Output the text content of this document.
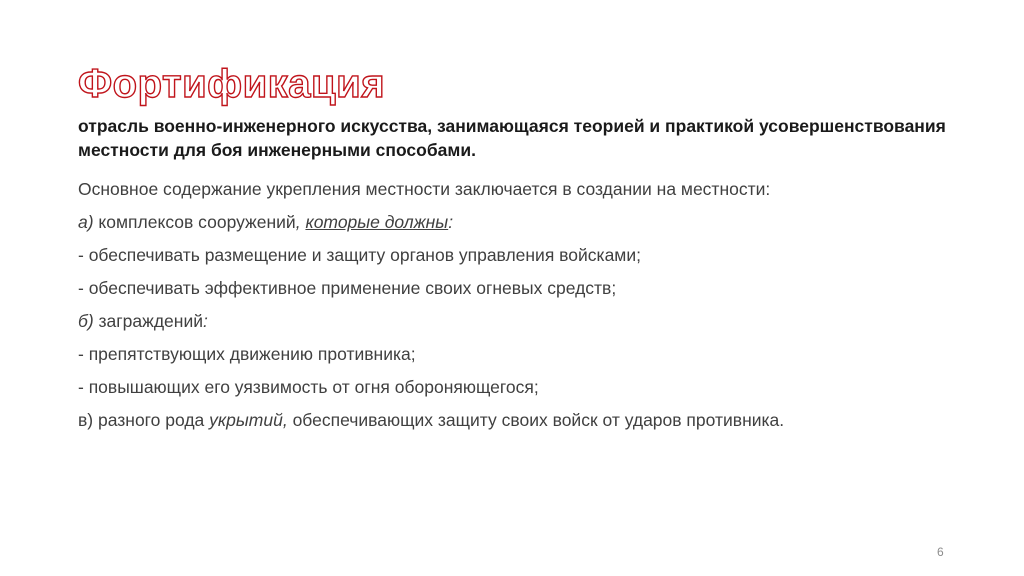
Фортификация
отрасль военно-инженерного искусства, занимающаяся теорией и практикой усовершенствования местности для боя инженерными способами.

Основное содержание укрепления местности заключается в создании на местности:

а) комплексов сооружений, которые должны:

- обеспечивать размещение и защиту органов управления войсками;

- обеспечивать эффективное применение своих огневых средств;

б) заграждений:

- препятствующих движению противника;

- повышающих его уязвимость от огня обороняющегося;

в) разного рода укрытий, обеспечивающих защиту своих войск от ударов противника.

6
